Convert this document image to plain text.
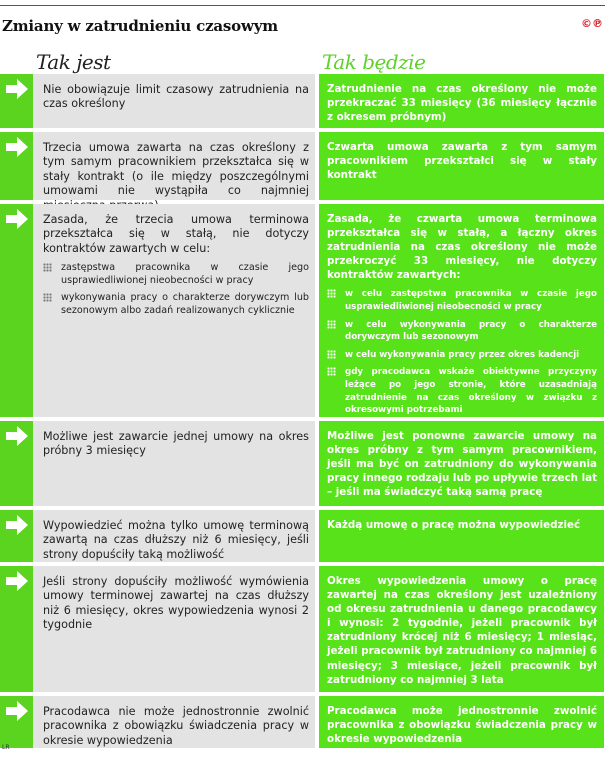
Zmiany w zatrudnieniu czasowym	©℗
Tak jest	Tak będzie
Nie obowiązuje limit czasowy zatrudnienia na czas określony
Zatrudnienie na czas określony nie może przekraczać 33 miesięcy (36 miesięcy łącznie z okresem próbnym)
Trzecia umowa zawarta na czas określony z tym samym pracownikiem przekształca się w stały kontrakt (o ile między poszczególnymi umowami nie wystąpiła co najmniej
Czwarta umowa zawarta z tym samym pracownikiem przekształci się w stały kontrakt
Zasada, że trzecia umowa terminowa przekształca się w stałą, nie dotyczy kontraktów zawartych w celu:
zastępstwa pracownika w czasie jego usprawiedliwionej nieobecności w pracy
wykonywania pracy o charakterze dorywczym lub sezonowym albo zadań realizowanych cyklicznie
Zasada, że czwarta umowa terminowa przekształca się w stałą, a łączny okres zatrudnienia na czas określony nie może przekroczyć 33 miesięcy, nie dotyczy kontraktów zawartych:
w celu zastępstwa pracownika w czasie jego usprawiedliwionej nieobecności w pracy
w celu wykonywania pracy o charakterze dorywczym lub sezonowym
w celu wykonywania pracy przez okres kadencji
gdy pracodawca wskaże obiektywne przyczyny leżące po jego stronie, które uzasadniają zatrudnienie na czas określony w związku z okresowymi potrzebami
Możliwe jest zawarcie jednej umowy na okres próbny 3 miesięcy
Możliwe jest ponowne zawarcie umowy na okres próbny z tym samym pracownikiem, jeśli ma być on zatrudniony do wykonywania pracy innego rodzaju lub po upływie trzech lat – jeśli ma świadczyć taką samą pracę
Wypowiedzieć można tylko umowę terminową zawartą na czas dłuższy niż 6 miesięcy, jeśli strony dopuściły taką możliwość
Każdą umowę o pracę można wypowiedzieć
Jeśli strony dopuściły możliwość wymówienia umowy terminowej zawartej na czas dłuższy niż 6 miesięcy, okres wypowiedzenia wynosi 2 tygodnie
Okres wypowiedzenia umowy o pracę zawartej na czas określony jest uzależniony od okresu zatrudnienia u danego pracodawcy i wynosi: 2 tygodnie, jeżeli pracownik był zatrudniony krócej niż 6 miesięcy; 1 miesiąc, jeżeli pracownik był zatrudniony co najmniej 6 miesięcy; 3 miesiące, jeżeli pracownik był zatrudniony co najmniej 3 lata
Pracodawca nie może jednostronnie zwolnić pracownika z obowiązku świadczenia pracy w okresie wypowiedzenia
Pracodawca może jednostronnie zwolnić pracownika z obowiązku świadczenia pracy w okresie wypowiedzenia
LR
